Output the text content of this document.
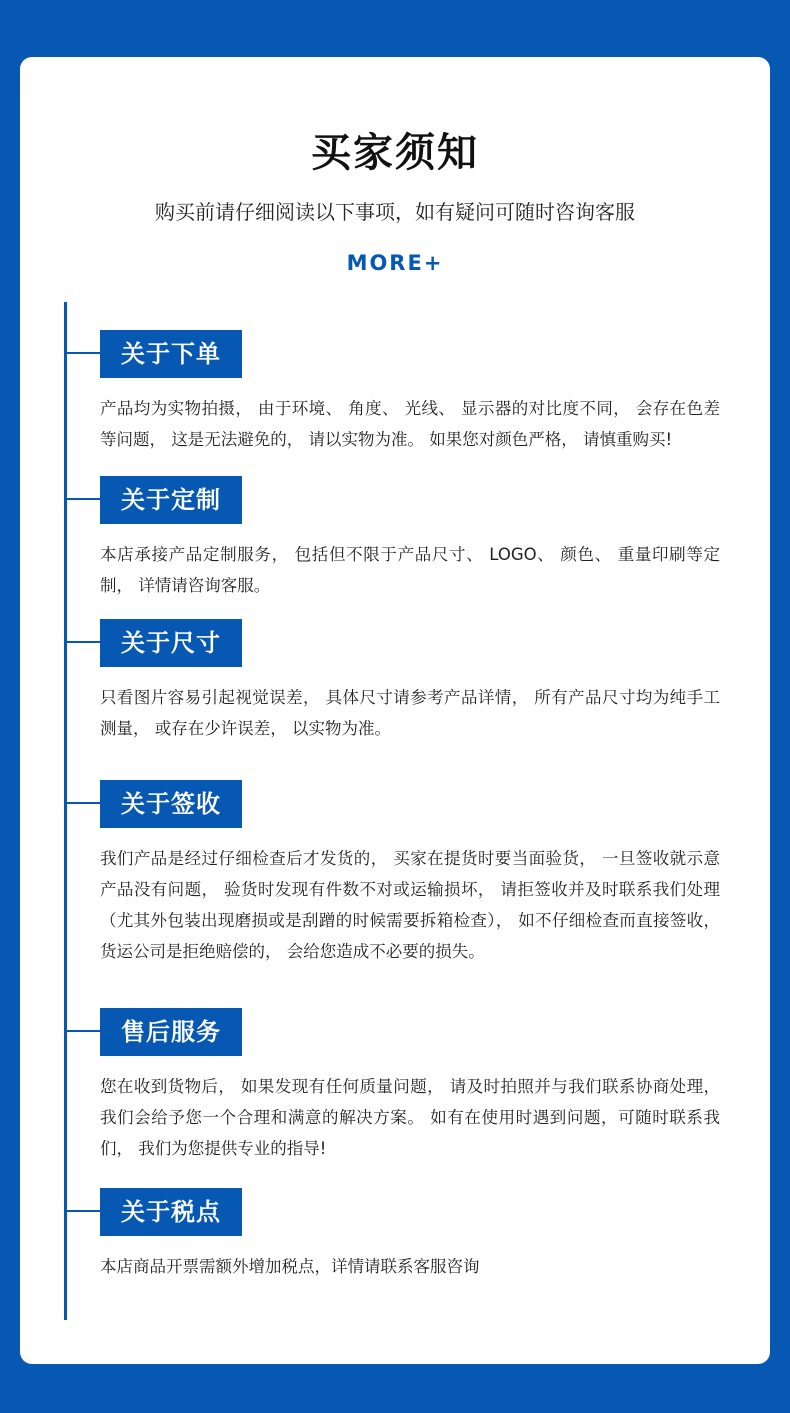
买家须知
购买前请仔细阅读以下事项，如有疑问可随时咨询客服
MORE+
关于下单
产品均为实物拍摄， 由于环境、 角度、 光线、 显示器的对比度不同， 会存在色差等问题， 这是无法避免的， 请以实物为准。 如果您对颜色严格， 请慎重购买!
关于定制
本店承接产品定制服务， 包括但不限于产品尺寸、 LOGO、 颜色、 重量印刷等定制， 详情请咨询客服。
关于尺寸
只看图片容易引起视觉误差， 具体尺寸请参考产品详情， 所有产品尺寸均为纯手工测量， 或存在少许误差， 以实物为准。
关于签收
我们产品是经过仔细检查后才发货的， 买家在提货时要当面验货， 一旦签收就示意产品没有问题， 验货时发现有件数不对或运输损坏， 请拒签收并及时联系我们处理 （尤其外包装出现磨损或是刮蹭的时候需要拆箱检查）， 如不仔细检查而直接签收， 货运公司是拒绝赔偿的， 会给您造成不必要的损失。
售后服务
您在收到货物后， 如果发现有任何质量问题， 请及时拍照并与我们联系协商处理， 我们会给予您一个合理和满意的解决方案。 如有在使用时遇到问题，可随时联系我们， 我们为您提供专业的指导!
关于税点
本店商品开票需额外增加税点，详情请联系客服咨询
